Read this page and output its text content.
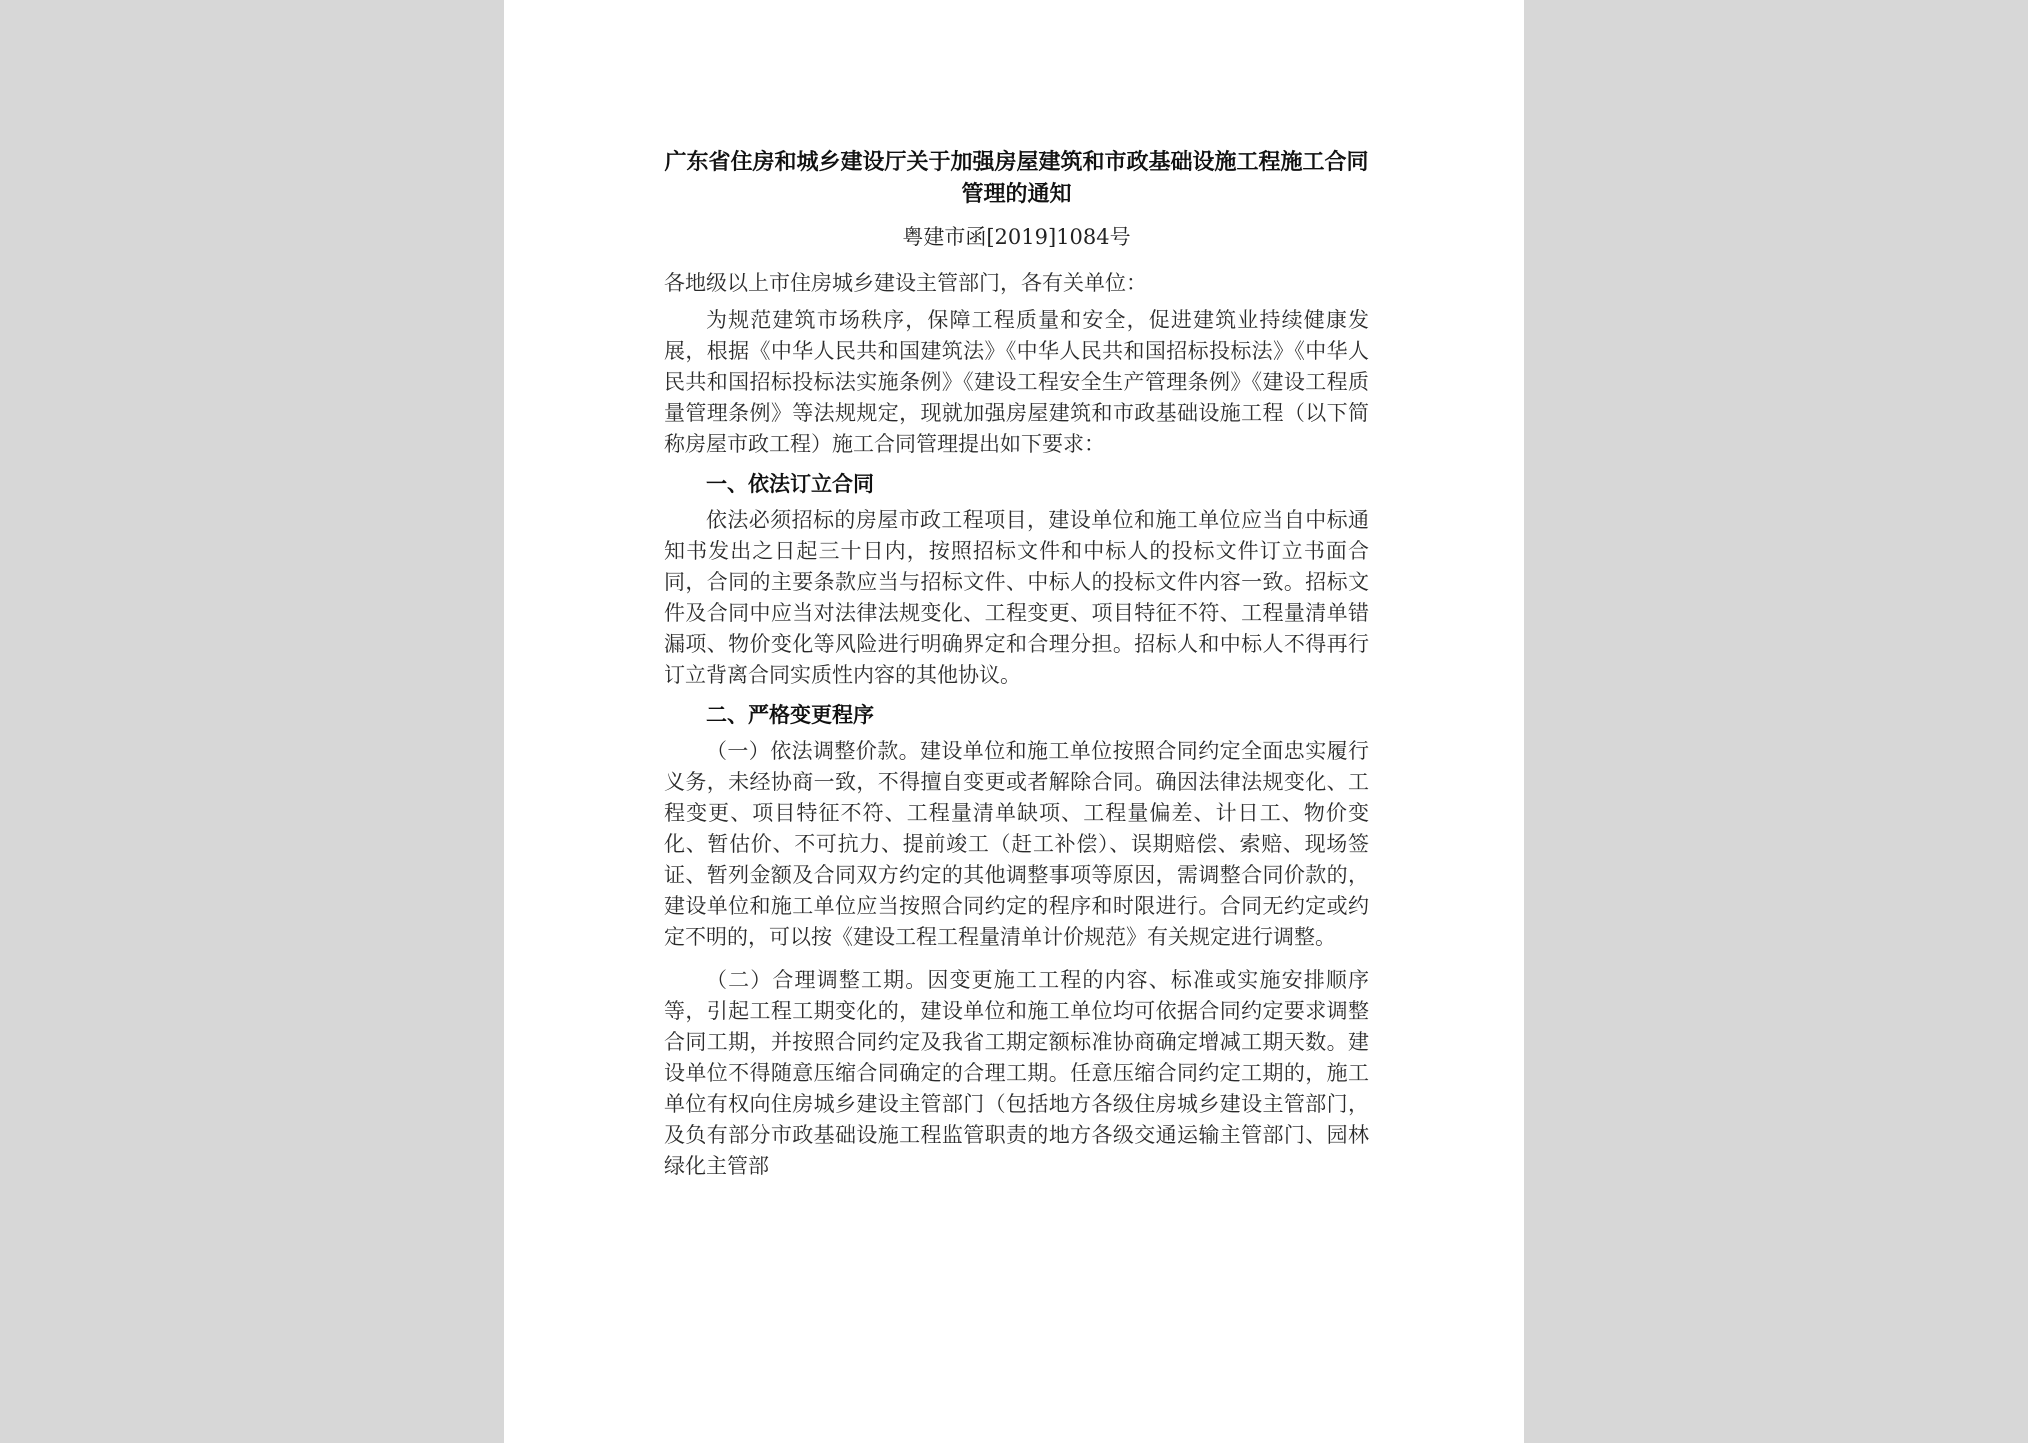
广东省住房和城乡建设厅关于加强房屋建筑和市政基础设施工程施工合同管理的通知

粤建市函[2019]1084号

各地级以上市住房城乡建设主管部门，各有关单位：

为规范建筑市场秩序，保障工程质量和安全，促进建筑业持续健康发展，根据《中华人民共和国建筑法》《中华人民共和国招标投标法》《中华人民共和国招标投标法实施条例》《建设工程安全生产管理条例》《建设工程质量管理条例》等法规规定，现就加强房屋建筑和市政基础设施工程（以下简称房屋市政工程）施工合同管理提出如下要求：

一、依法订立合同

依法必须招标的房屋市政工程项目，建设单位和施工单位应当自中标通知书发出之日起三十日内，按照招标文件和中标人的投标文件订立书面合同，合同的主要条款应当与招标文件、中标人的投标文件内容一致。招标文件及合同中应当对法律法规变化、工程变更、项目特征不符、工程量清单错漏项、物价变化等风险进行明确界定和合理分担。招标人和中标人不得再行订立背离合同实质性内容的其他协议。

二、严格变更程序

（一）依法调整价款。建设单位和施工单位按照合同约定全面忠实履行义务，未经协商一致，不得擅自变更或者解除合同。确因法律法规变化、工程变更、项目特征不符、工程量清单缺项、工程量偏差、计日工、物价变化、暂估价、不可抗力、提前竣工（赶工补偿）、误期赔偿、索赔、现场签证、暂列金额及合同双方约定的其他调整事项等原因，需调整合同价款的，建设单位和施工单位应当按照合同约定的程序和时限进行。合同无约定或约定不明的，可以按《建设工程工程量清单计价规范》有关规定进行调整。

（二）合理调整工期。因变更施工工程的内容、标准或实施安排顺序等，引起工程工期变化的，建设单位和施工单位均可依据合同约定要求调整合同工期，并按照合同约定及我省工期定额标准协商确定增减工期天数。建设单位不得随意压缩合同确定的合理工期。任意压缩合同约定工期的，施工单位有权向住房城乡建设主管部门（包括地方各级住房城乡建设主管部门，及负有部分市政基础设施工程监管职责的地方各级交通运输主管部门、园林绿化主管部
